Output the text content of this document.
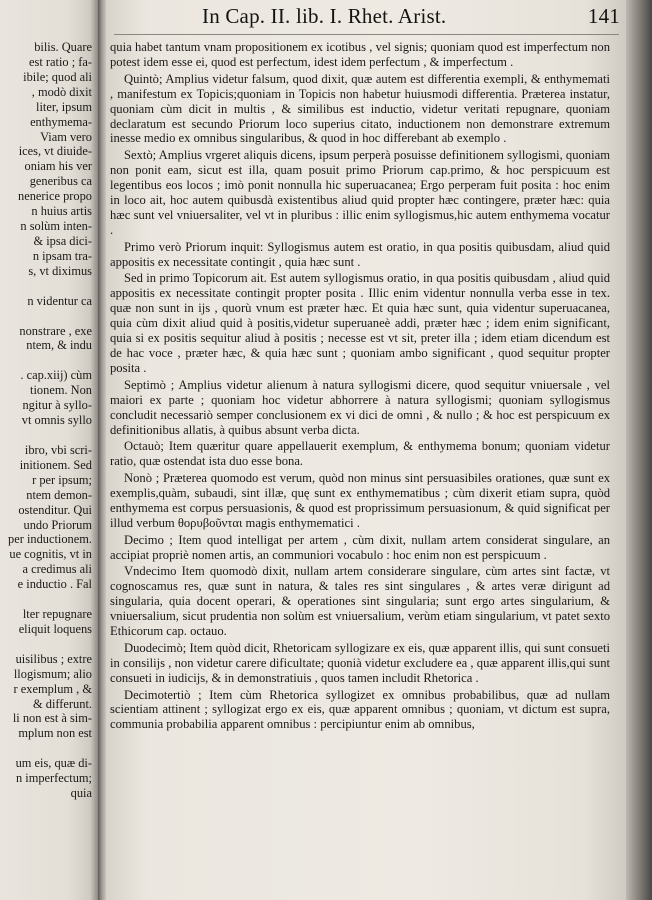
bilis. Quare
est ratio ; fa-
ibile; quod ali
, modò dixit
liter, ipsum
enthymema-
Viam vero
ices, vt diuide-
oniam his ver
generibus ca
nenerice propo
n huius artis
n solùm inten-
& ipsa dici-
n ipsam tra-
s, vt diximus

n videntur ca

nonstrare , exe
ntem, & indu

. cap.xiij) cùm
tionem. Non
ngitur à syllo-
vt omnis syllo

ibro, vbi scri-
initionem. Sed
r per ipsum;
ntem demon-
ostenditur. Qui
undo Priorum
per inductionem.
ue cognitis, vt in
a credimus ali
e inductio . Fal

lter repugnare
eliquit loquens

uisilibus ; extre
llogismum; alio
r exemplum , &
& differunt.
li non est à sim-
mplum non est

um eis, quæ di-
n imperfectum;
quia
In Cap. II. lib. I. Rhet. Arist.	141

quia habet tantum vnam propositionem ex icotibus , vel signis; quoniam quod est imperfectum non potest idem esse ei, quod est perfectum, idest idem perfectum , & imperfectum .

Quintò; Amplius videtur falsum, quod dixit, quæ autem est differentia exempli, & enthymemati , manifestum ex Topicis;quoniam in Topicis non habetur huiusmodi differentia. Præterea instatur, quoniam cùm dicit in multis , & similibus est inductio, videtur veritati repugnare, quoniam declaratum est secundo Priorum loco superius citato, inductionem non demonstrare extremum inesse medio ex omnibus singularibus, & quod in hoc differebant ab exemplo .

Sextò; Amplius vrgeret aliquis dicens, ipsum perperà posuisse definitionem syllogismi, quoniam non ponit eam, sicut est illa, quam posuit primo Priorum cap.primo, & hoc perspicuum est legentibus eos locos ; imò ponit nonnulla hic superuacanea; Ergo perperam fuit posita : hoc enim in loco ait, hoc autem quibusdà existentibus aliud quid propter hæc contingere, præter hæc: quia hæc sunt vel vniuersaliter, vel vt in pluribus : illic enim syllogismus,hic autem enthymema vocatur .

Primo verò Priorum inquit: Syllogismus autem est oratio, in qua positis quibusdam, aliud quid appositis ex necessitate contingit , quia hæc sunt .

Sed in primo Topicorum ait. Est autem syllogismus oratio, in qua positis quibusdam , aliud quid appositis ex necessitate contingit propter posita . Illic enim videntur nonnulla verba esse in tex. quæ non sunt in ijs , quorù vnum est præter hæc. Et quia hæc sunt, quia videntur superuacanea, quia cùm dixit aliud quid à positis,videtur superuaneè addi, præter hæc ; idem enim significant, quia si ex positis sequitur aliud à positis ; necesse est vt sit, preter illa ; idem etiam dicendum est de hac voce , præter hæc, & quia hæc sunt ; quoniam ambo significant , quod sequitur propter posita .

Septimò ; Amplius videtur alienum à natura syllogismi dicere, quod sequitur vniuersale , vel maiori ex parte ; quoniam hoc videtur abhorrere à natura syllogismi; quoniam syllogismus concludit necessariò semper conclusionem ex vi dici de omni , & nullo ; & hoc est perspicuum ex definitionibus allatis, à quibus absunt verba dicta.

Octauò; Item quæritur quare appellauerit exemplum, & enthymema bonum; quoniam videtur ratio, quæ ostendat ista duo esse bona.

Nonò ; Præterea quomodo est verum, quòd non minus sint persuasibiles orationes, quæ sunt ex exemplis,quàm, subaudi, sint illæ, quę sunt ex enthymematibus ; cùm dixerit etiam supra, quòd enthymema est corpus persuasionis, & quod est proprissimum persuasionum, & quid significat per illud verbum θορυβοῦνται magis enthymematici .

Decimo ; Item quod intelligat per artem , cùm dixit, nullam artem considerat singulare, an accipiat propriè nomen artis, an communiori vocabulo : hoc enim non est perspicuum .

Vndecimo Item quomodò dixit, nullam artem considerare singulare, cùm artes sint factæ, vt cognoscamus res, quæ sunt in natura, & tales res sint singulares , & artes veræ dirigunt ad singularia, quia docent operari, & operationes sint singularia; sunt ergo artes singularium, & vniuersalium, sicut prudentia non solùm est vniuersalium, verùm etiam singularium, vt patet sexto Ethicorum cap. octauo.

Duodecimò; Item quòd dicit, Rhetoricam syllogizare ex eis, quæ apparent illis, qui sunt consueti in consilijs , non videtur carere dificultate; quonià videtur excludere ea , quæ apparent illis,qui sunt consueti in iudicijs, & in demonstratiuis , quos tamen includit Rhetorica .

Decimotertiò ; Item cùm Rhetorica syllogizet ex omnibus probabilibus, quæ ad nullam scientiam attinent ; syllogizat ergo ex eis, quæ apparent omnibus ; quoniam, vt dictum est supra, communia probabilia apparent omnibus : percipiuntur enim ab omnibus,
